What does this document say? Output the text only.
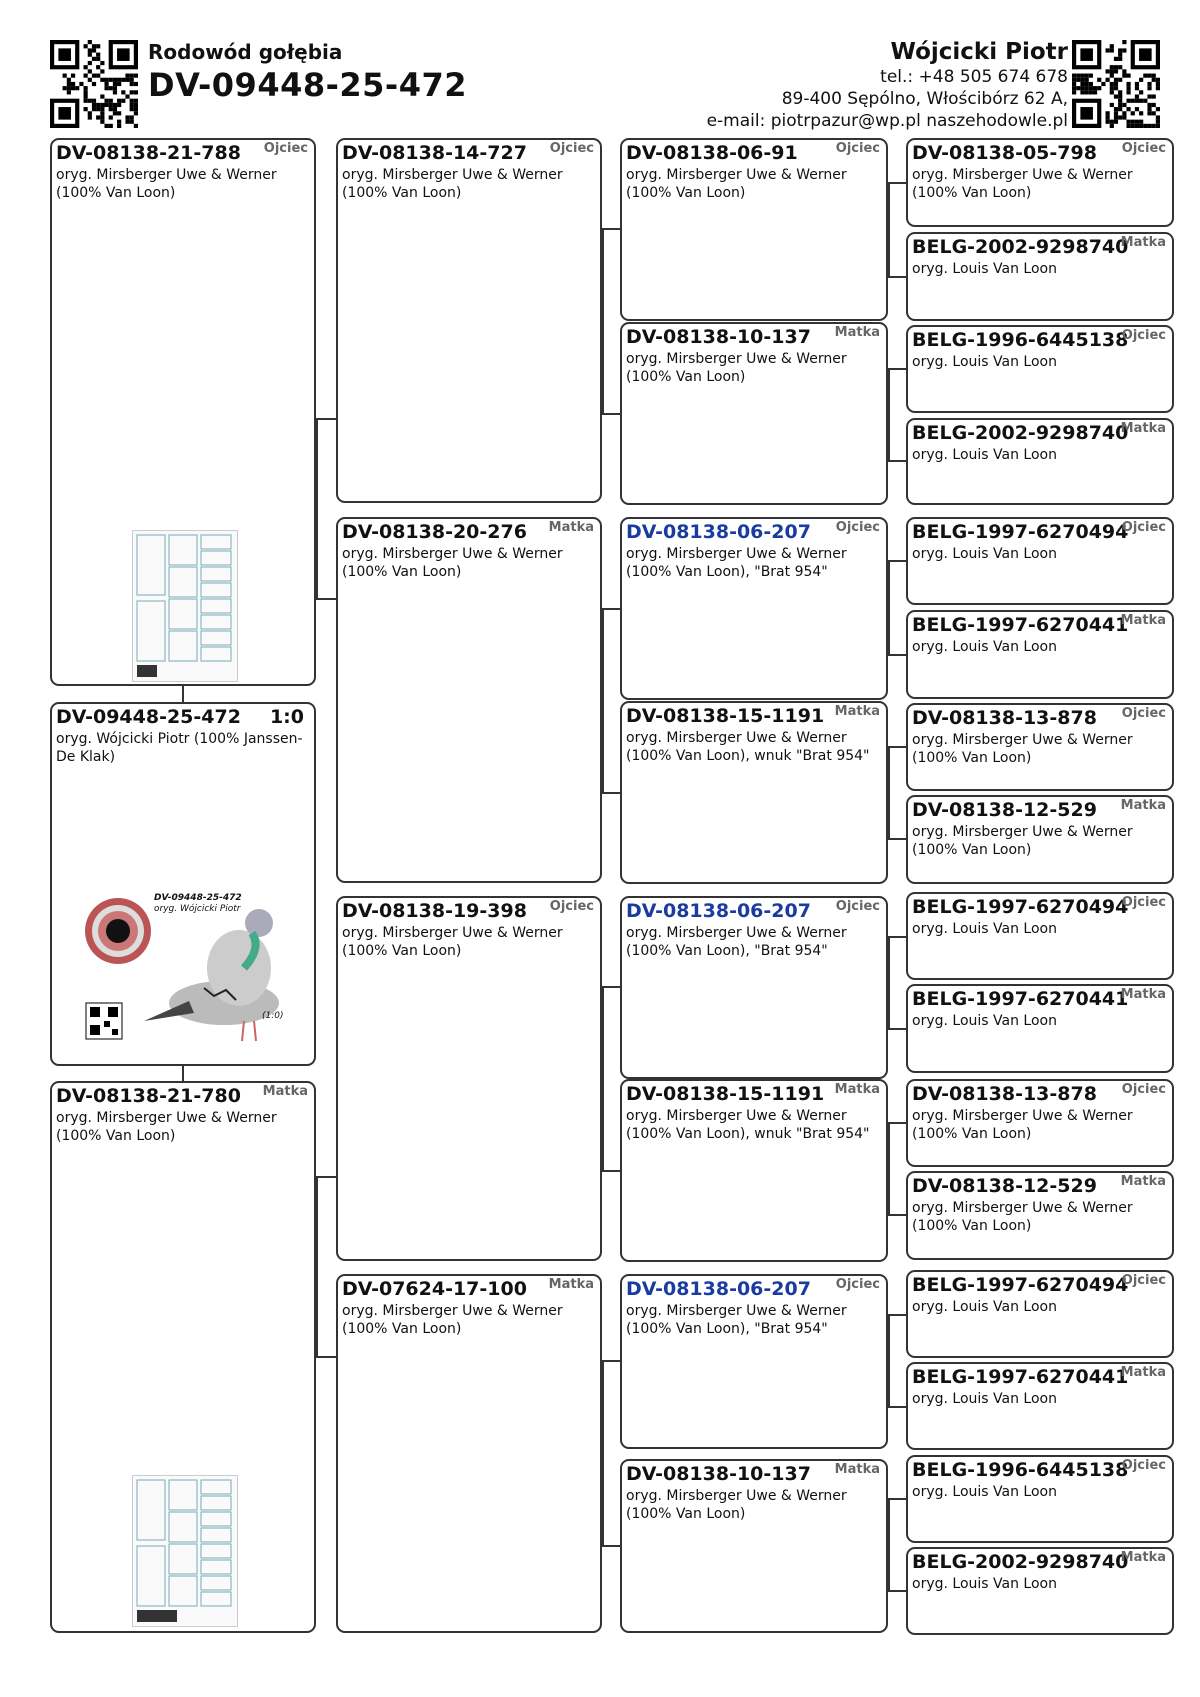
Rodowód gołębia
DV-09448-25-472
Wójcicki Piotr
tel.: +48 505 674 678
89-400 Sępólno, Włościbórz 62 A,
e-mail: piotrpazur@wp.pl naszehodowle.pl
DV-08138-21-788 Ojciec
oryg. Mirsberger Uwe & Werner (100% Van Loon)
DV-09448-25-472 1:0
oryg. Wójcicki Piotr (100% Janssen-De Klak)
DV-09448-25-472
oryg. Wójcicki Piotr
(1:0)
DV-08138-21-780 Matka
oryg. Mirsberger Uwe & Werner (100% Van Loon)
DV-08138-14-727 Ojciec
oryg. Mirsberger Uwe & Werner (100% Van Loon)
DV-08138-20-276 Matka
oryg. Mirsberger Uwe & Werner (100% Van Loon)
DV-08138-19-398 Ojciec
oryg. Mirsberger Uwe & Werner (100% Van Loon)
DV-07624-17-100 Matka
oryg. Mirsberger Uwe & Werner (100% Van Loon)
DV-08138-06-91	Ojciec
oryg. Mirsberger Uwe & Werner (100% Van Loon)
DV-08138-10-137 Matka
oryg. Mirsberger Uwe & Werner (100% Van Loon)
DV-08138-06-207 Ojciec
oryg. Mirsberger Uwe & Werner (100% Van Loon), "Brat 954"
DV-08138-15-1191 Matka
oryg. Mirsberger Uwe & Werner (100% Van Loon), wnuk "Brat 954"
DV-08138-06-207 Ojciec
oryg. Mirsberger Uwe & Werner (100% Van Loon), "Brat 954"
DV-08138-15-1191 Matka
oryg. Mirsberger Uwe & Werner (100% Van Loon), wnuk "Brat 954"
DV-08138-06-207 Ojciec
oryg. Mirsberger Uwe & Werner (100% Van Loon), "Brat 954"
DV-08138-10-137 Matka
oryg. Mirsberger Uwe & Werner (100% Van Loon)
DV-08138-05-798 Ojciec
oryg. Mirsberger Uwe & Werner (100% Van Loon)
BELG-2002-9298740
Matka
oryg. Louis Van Loon
BELG-1996-6445138
Ojciec
oryg. Louis Van Loon
BELG-2002-9298740
Matka
oryg. Louis Van Loon
BELG-1997-6270494
Ojciec
oryg. Louis Van Loon
BELG-1997-6270441
Matka
oryg. Louis Van Loon
DV-08138-13-878 Ojciec
oryg. Mirsberger Uwe & Werner (100% Van Loon)
DV-08138-12-529 Matka
oryg. Mirsberger Uwe & Werner (100% Van Loon)
BELG-1997-6270494
Ojciec
oryg. Louis Van Loon
BELG-1997-6270441
Matka
oryg. Louis Van Loon
DV-08138-13-878 Ojciec
oryg. Mirsberger Uwe & Werner (100% Van Loon)
DV-08138-12-529 Matka
oryg. Mirsberger Uwe & Werner (100% Van Loon)
BELG-1997-6270494
Ojciec
oryg. Louis Van Loon
BELG-1997-6270441
Matka
oryg. Louis Van Loon
BELG-1996-6445138
Ojciec
oryg. Louis Van Loon
BELG-2002-9298740
Matka
oryg. Louis Van Loon
